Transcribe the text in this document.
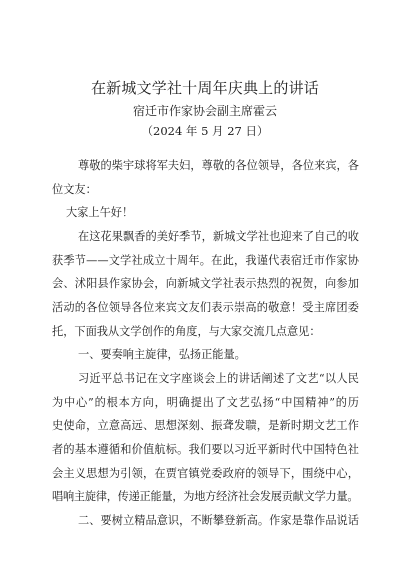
在新城文学社十周年庆典上的讲话
宿迁市作家协会副主席霍云
（2024 年 5 月 27 日）
尊敬的柴宇球将军夫妇，尊敬的各位领导，各位来宾，各
位文友：
大家上午好！
在这花果飘香的美好季节，新城文学社也迎来了自己的收
获季节——文学社成立十周年。在此，我谨代表宿迁市作家协
会、沭阳县作家协会，向新城文学社表示热烈的祝贺，向参加
活动的各位领导各位来宾文友们表示崇高的敬意！受主席团委
托，下面我从文学创作的角度，与大家交流几点意见：
一、要奏响主旋律，弘扬正能量。
习近平总书记在文字座谈会上的讲话阐述了文艺“以人民
为中心”的根本方向，明确提出了文艺弘扬“中国精神”的历
史使命，立意高远、思想深刻、振聋发聩，是新时期文艺工作
者的基本遵循和价值航标。我们要以习近平新时代中国特色社
会主义思想为引领，在贾官镇党委政府的领导下，围绕中心，
唱响主旋律，传递正能量，为地方经济社会发展贡献文学力量。
二、要树立精品意识，不断攀登新高。作家是靠作品说话
